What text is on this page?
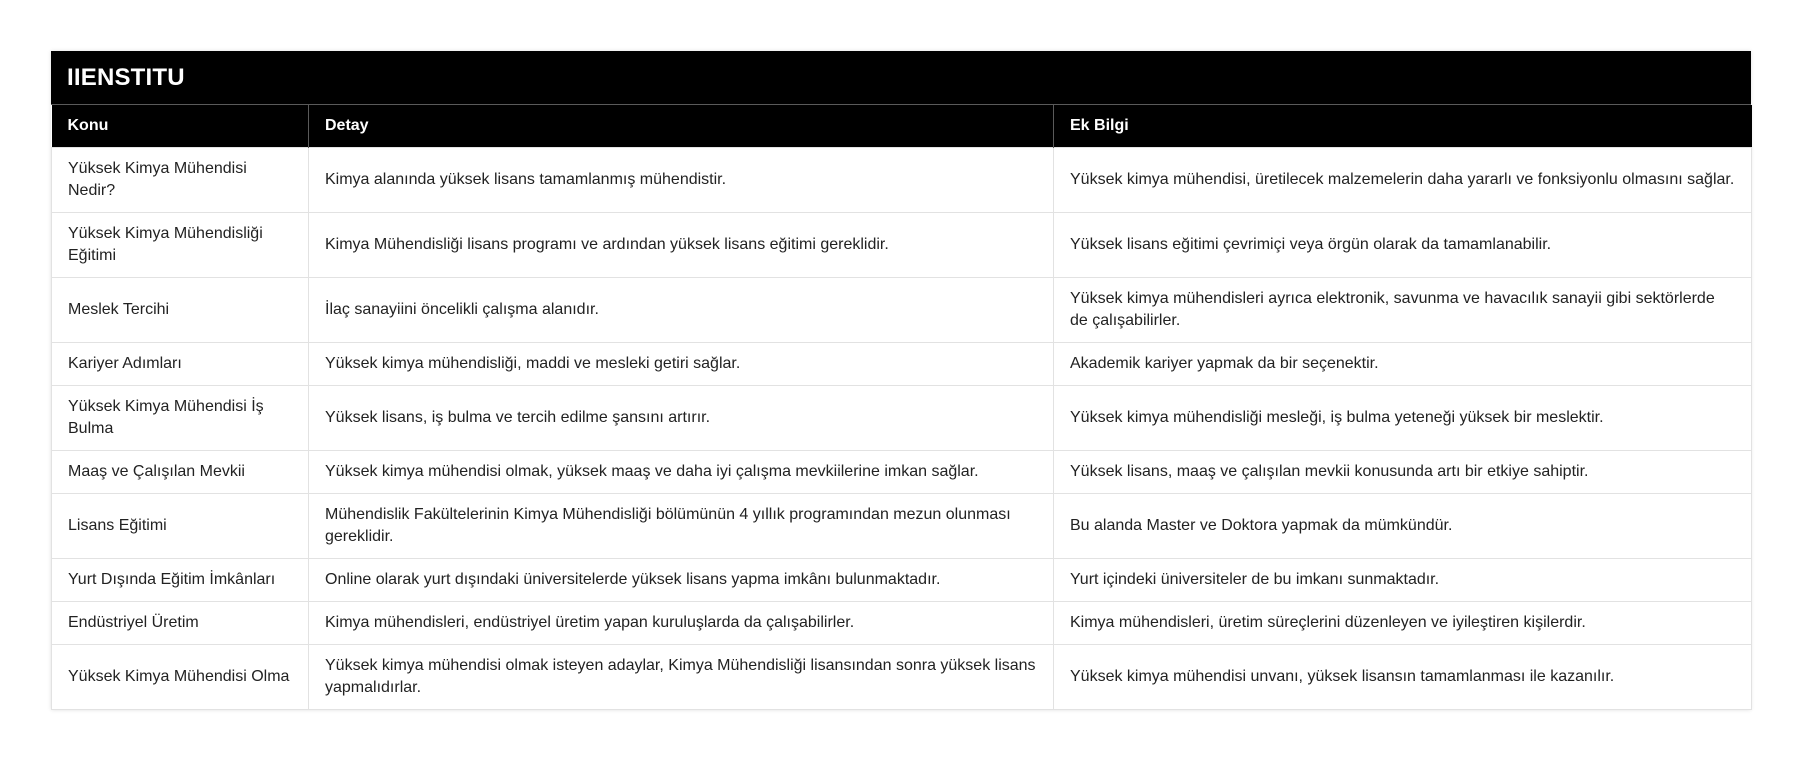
IIENSTITU
Konu	Detay	Ek Bilgi
Yüksek Kimya Mühendisi Nedir?	Kimya alanında yüksek lisans tamamlanmış mühendistir.	Yüksek kimya mühendisi, üretilecek malzemelerin daha yararlı ve fonksiyonlu olmasını sağlar.
Yüksek Kimya Mühendisliği Eğitimi	Kimya Mühendisliği lisans programı ve ardından yüksek lisans eğitimi gereklidir.	Yüksek lisans eğitimi çevrimiçi veya örgün olarak da tamamlanabilir.
Meslek Tercihi	İlaç sanayiini öncelikli çalışma alanıdır.	Yüksek kimya mühendisleri ayrıca elektronik, savunma ve havacılık sanayii gibi sektörlerde de çalışabilirler.
Kariyer Adımları	Yüksek kimya mühendisliği, maddi ve mesleki getiri sağlar.	Akademik kariyer yapmak da bir seçenektir.
Yüksek Kimya Mühendisi İş Bulma	Yüksek lisans, iş bulma ve tercih edilme şansını artırır.	Yüksek kimya mühendisliği mesleği, iş bulma yeteneği yüksek bir meslektir.
Maaş ve Çalışılan Mevkii	Yüksek kimya mühendisi olmak, yüksek maaş ve daha iyi çalışma mevkiilerine imkan sağlar.	Yüksek lisans, maaş ve çalışılan mevkii konusunda artı bir etkiye sahiptir.
Lisans Eğitimi	Mühendislik Fakültelerinin Kimya Mühendisliği bölümünün 4 yıllık programından mezun olunması gereklidir.	Bu alanda Master ve Doktora yapmak da mümkündür.
Yurt Dışında Eğitim İmkânları	Online olarak yurt dışındaki üniversitelerde yüksek lisans yapma imkânı bulunmaktadır.	Yurt içindeki üniversiteler de bu imkanı sunmaktadır.
Endüstriyel Üretim	Kimya mühendisleri, endüstriyel üretim yapan kuruluşlarda da çalışabilirler.	Kimya mühendisleri, üretim süreçlerini düzenleyen ve iyileştiren kişilerdir.
Yüksek Kimya Mühendisi Olma	Yüksek kimya mühendisi olmak isteyen adaylar, Kimya Mühendisliği lisansından sonra yüksek lisans yapmalıdırlar.	Yüksek kimya mühendisi unvanı, yüksek lisansın tamamlanması ile kazanılır.
